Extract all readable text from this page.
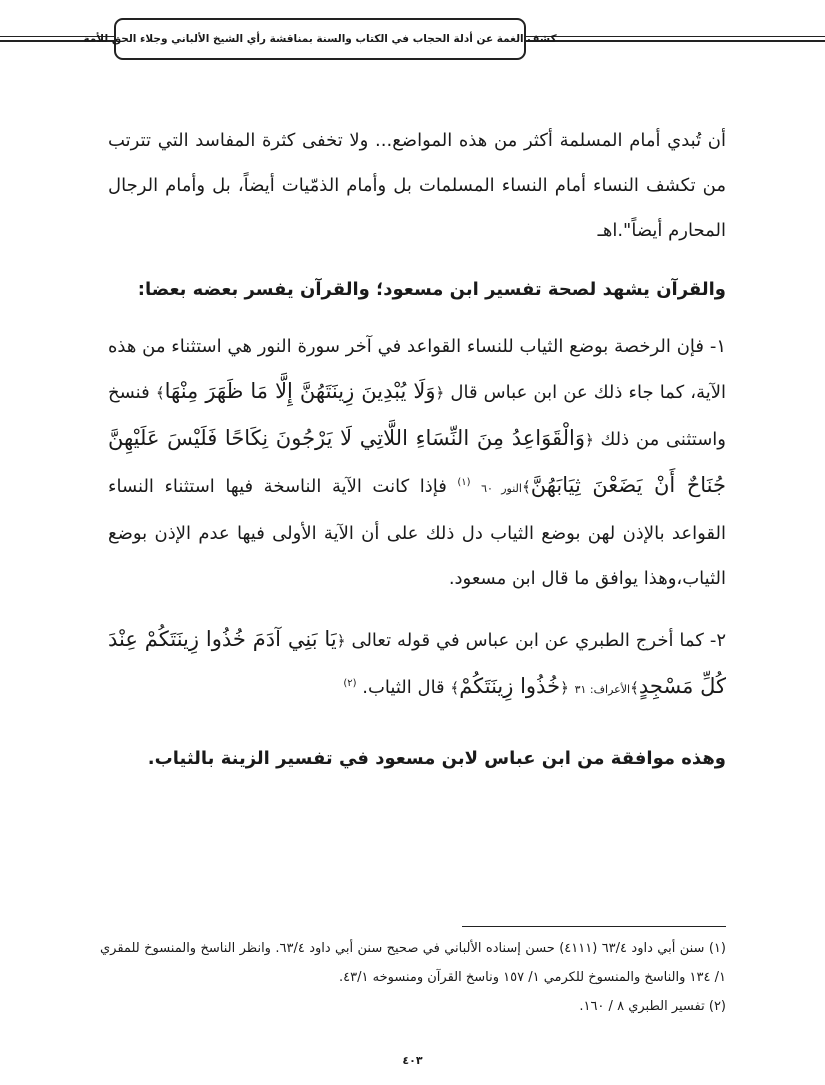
كشف الغمة عن أدلة الحجاب في الكتاب والسنة بمناقشة رأي الشيخ الألباني وجلاء الحق للأمة

أن تُبدي أمام المسلمة أكثر من هذه المواضع... ولا تخفى كثرة المفاسد التي تترتب من تكشف النساء أمام النساء المسلمات بل وأمام الذمّيات أيضاً، بل وأمام الرجال المحارم أيضاً".اهـ

والقرآن يشهد لصحة تفسير ابن مسعود؛ والقرآن يفسر بعضه بعضا:

١- فإن الرخصة بوضع الثياب للنساء القواعد في آخر سورة النور هي استثناء من هذه الآية، كما جاء ذلك عن ابن عباس قال ﴿وَلَا يُبْدِينَ زِينَتَهُنَّ إِلَّا مَا ظَهَرَ مِنْهَا﴾ فنسخ واستثنى من ذلك ﴿وَالْقَوَاعِدُ مِنَ النِّسَاءِ اللَّاتِي لَا يَرْجُونَ نِكَاحًا فَلَيْسَ عَلَيْهِنَّ جُنَاحٌ أَنْ يَضَعْنَ ثِيَابَهُنَّ﴾النور ٦٠ $^{(١)}$ فإذا كانت الآية الناسخة فيها استثناء النساء القواعد بالإذن لهن بوضع الثياب دل ذلك على أن الآية الأولى فيها عدم الإذن بوضع الثياب،وهذا يوافق ما قال ابن مسعود.

٢- كما أخرج الطبري عن ابن عباس في قوله تعالى ﴿يَا بَنِي آدَمَ خُذُوا زِينَتَكُمْ عِنْدَ كُلِّ مَسْجِدٍ﴾الأعراف: ٣١ ﴿خُذُوا زِينَتَكُمْ﴾ قال الثياب. $^{(٢)}$

وهذه موافقة من ابن عباس لابن مسعود في تفسير الزينة بالثياب.

(١) سنن أبي داود ٦٣/٤ (٤١١١) حسن إسناده الألباني في صحيح سنن أبي داود ٦٣/٤. وانظر الناسخ والمنسوخ للمقري ١/ ١٣٤ والناسخ والمنسوخ للكرمي ١/ ١٥٧ وناسخ القرآن ومنسوخه ٤٣/١.

(٢) تفسير الطبري ٨ / ١٦٠.

٤٠٣
